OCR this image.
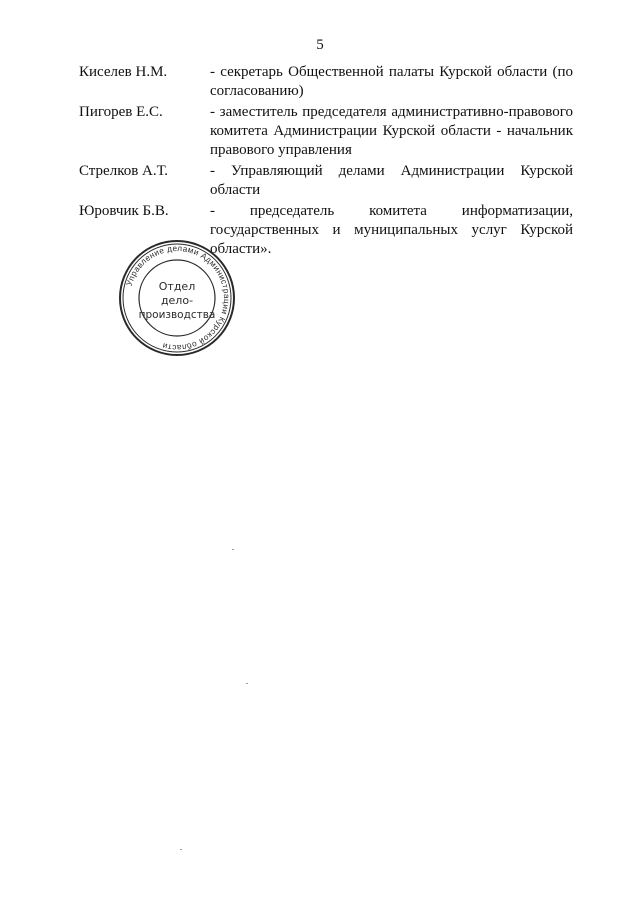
5
Киселев Н.М.	- секретарь Общественной палаты Курской области (по согласованию)
Пигорев Е.С.	- заместитель председателя административно-правового комитета Администрации Курской области - начальник правового управления
Стрелков А.Т.	- Управляющий делами Администрации Курской области
Юровчик Б.В.	- председатель комитета информатизации, государственных и муниципальных услуг Курской области».
Управление делами Администрации Курской области
Отдел
дело-
производства
